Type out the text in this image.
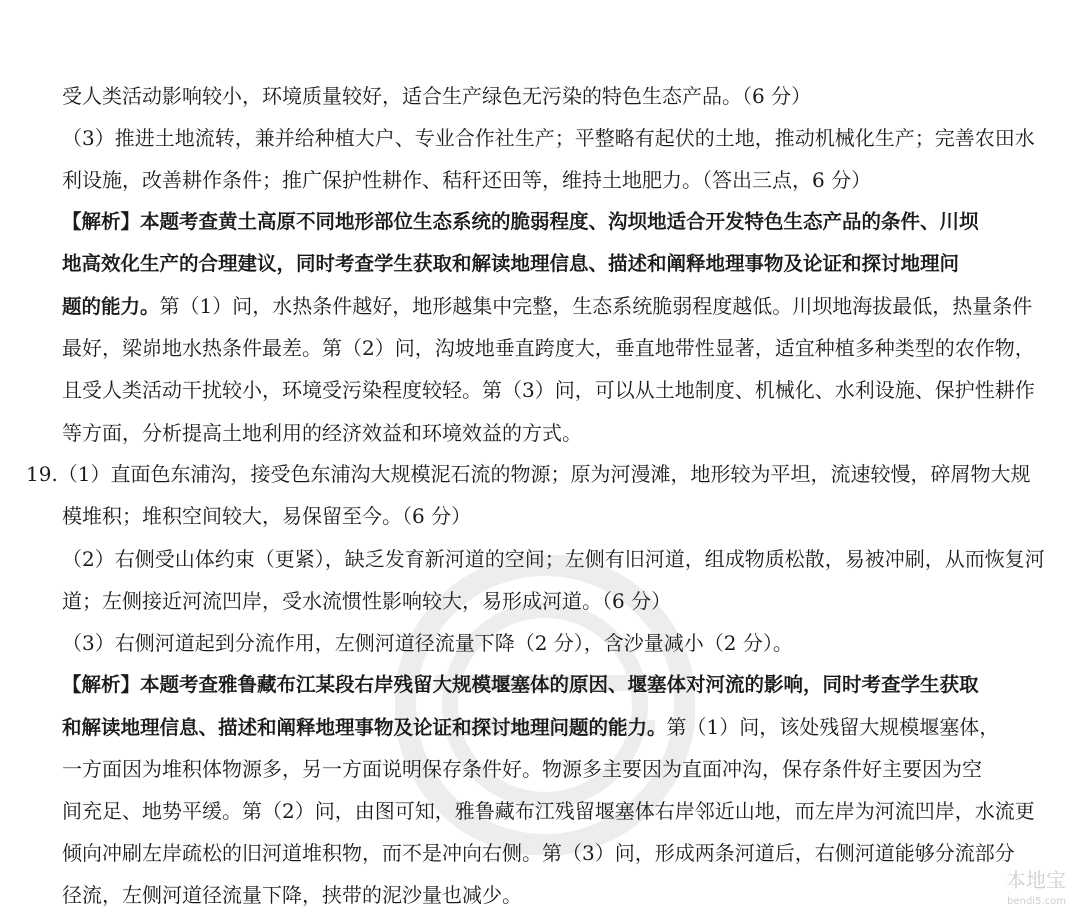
受人类活动影响较小，环境质量较好，适合生产绿色无污染的特色生态产品。（6 分）
（3）推进土地流转，兼并给种植大户、专业合作社生产；平整略有起伏的土地，推动机械化生产；完善农田水
利设施，改善耕作条件；推广保护性耕作、秸秆还田等，维持土地肥力。（答出三点，6 分）
【解析】本题考查黄土高原不同地形部位生态系统的脆弱程度、沟坝地适合开发特色生态产品的条件、川坝
地高效化生产的合理建议，同时考查学生获取和解读地理信息、描述和阐释地理事物及论证和探讨地理问
题的能力。第（1）问，水热条件越好，地形越集中完整，生态系统脆弱程度越低。川坝地海拔最低，热量条件
最好，梁峁地水热条件最差。第（2）问，沟坡地垂直跨度大，垂直地带性显著，适宜种植多种类型的农作物，
且受人类活动干扰较小，环境受污染程度较轻。第（3）问，可以从土地制度、机械化、水利设施、保护性耕作
等方面，分析提高土地利用的经济效益和环境效益的方式。
19.（1）直面色东浦沟，接受色东浦沟大规模泥石流的物源；原为河漫滩，地形较为平坦，流速较慢，碎屑物大规
模堆积；堆积空间较大，易保留至今。（6 分）
（2）右侧受山体约束（更紧），缺乏发育新河道的空间；左侧有旧河道，组成物质松散，易被冲刷，从而恢复河
道；左侧接近河流凹岸，受水流惯性影响较大，易形成河道。（6 分）
（3）右侧河道起到分流作用，左侧河道径流量下降（2 分），含沙量减小（2 分）。
【解析】本题考查雅鲁藏布江某段右岸残留大规模堰塞体的原因、堰塞体对河流的影响，同时考查学生获取
和解读地理信息、描述和阐释地理事物及论证和探讨地理问题的能力。第（1）问，该处残留大规模堰塞体，
一方面因为堆积体物源多，另一方面说明保存条件好。物源多主要因为直面冲沟，保存条件好主要因为空
间充足、地势平缓。第（2）问，由图可知，雅鲁藏布江残留堰塞体右岸邻近山地，而左岸为河流凹岸，水流更
倾向冲刷左岸疏松的旧河道堆积物，而不是冲向右侧。第（3）问，形成两条河道后，右侧河道能够分流部分
径流，左侧河道径流量下降，挟带的泥沙量也减少。
本地宝
bendi5.com
